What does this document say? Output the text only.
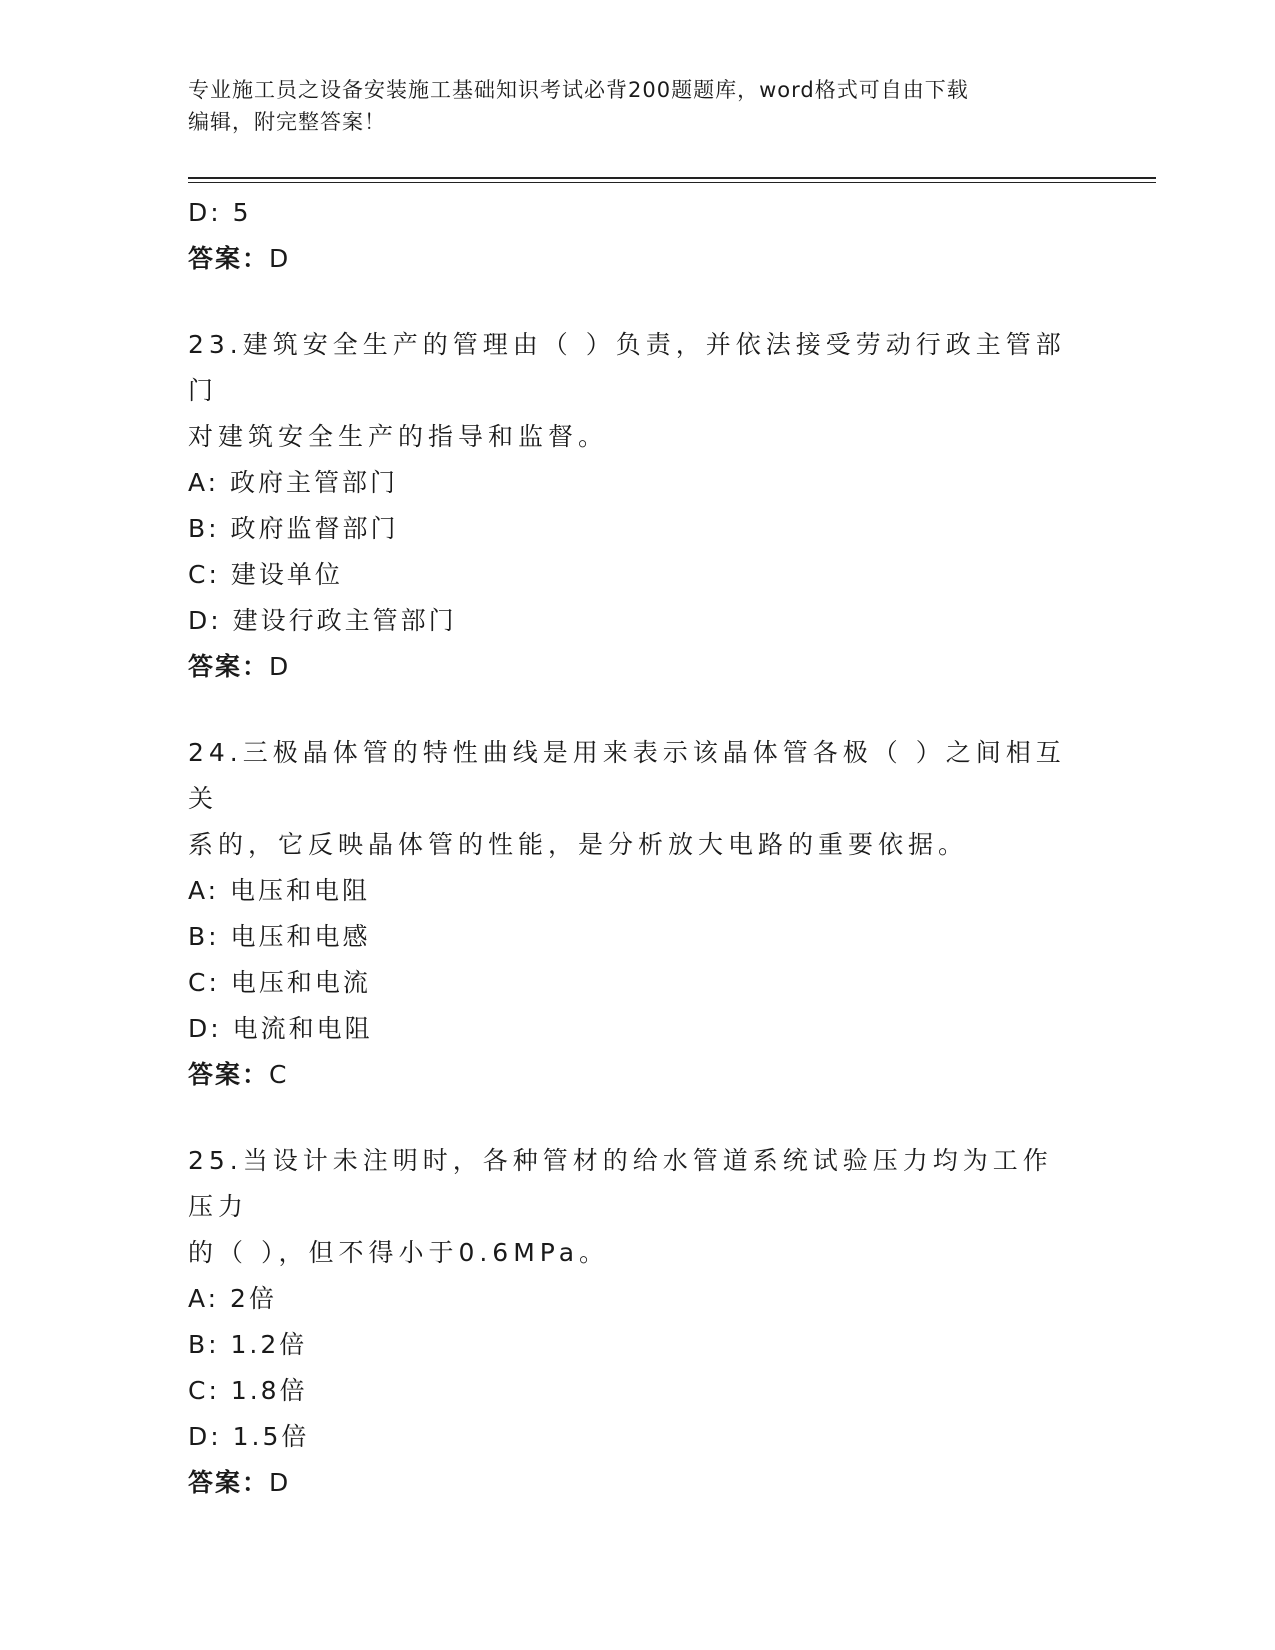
专业施工员之设备安装施工基础知识考试必背200题题库，word格式可自由下载
编辑，附完整答案！
D: 5
答案：D
23.建筑安全生产的管理由（ ）负责，并依法接受劳动行政主管部门
对建筑安全生产的指导和监督。
A: 政府主管部门
B: 政府监督部门
C: 建设单位
D: 建设行政主管部门
答案：D
24.三极晶体管的特性曲线是用来表示该晶体管各极（ ）之间相互关
系的，它反映晶体管的性能，是分析放大电路的重要依据。
A: 电压和电阻
B: 电压和电感
C: 电压和电流
D: 电流和电阻
答案：C
25.当设计未注明时，各种管材的给水管道系统试验压力均为工作压力
的（ ），但不得小于0.6MPa。
A: 2倍
B: 1.2倍
C: 1.8倍
D: 1.5倍
答案：D
